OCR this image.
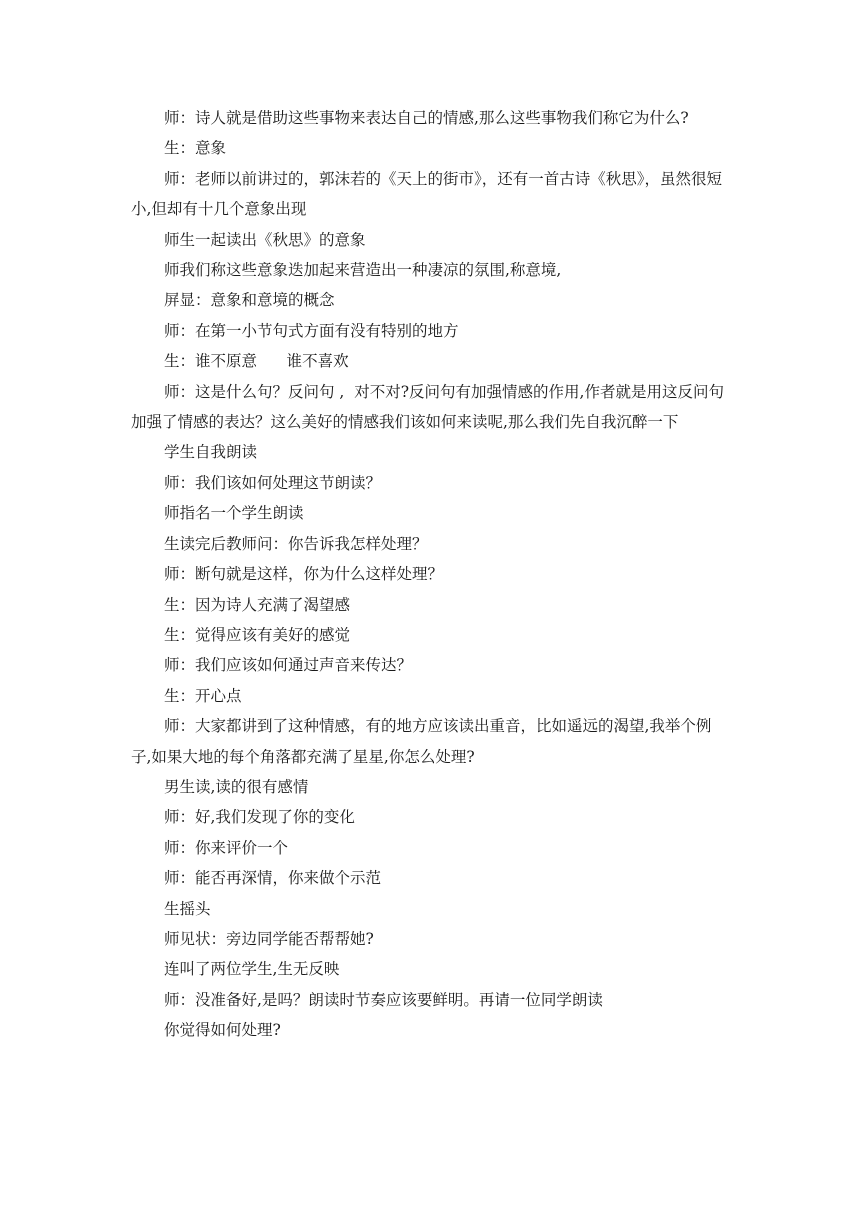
师：诗人就是借助这些事物来表达自己的情感,那么这些事物我们称它为什么?

生：意象

师：老师以前讲过的，郭沫若的《天上的街市》，还有一首古诗《秋思》，虽然很短小,但却有十几个意象出现

师生一起读出《秋思》的意象

师我们称这些意象迭加起来营造出一种凄凉的氛围,称意境,

屏显：意象和意境的概念

师：在第一小节句式方面有没有特别的地方

生：谁不原意      谁不喜欢

师：这是什么句？反问句 ,  对不对?反问句有加强情感的作用,作者就是用这反问句加强了情感的表达？这么美好的情感我们该如何来读呢,那么我们先自我沉醉一下

学生自我朗读

师：我们该如何处理这节朗读？

师指名一个学生朗读

生读完后教师问：你告诉我怎样处理？

师：断句就是这样，你为什么这样处理？

生：因为诗人充满了渴望感

生：觉得应该有美好的感觉

师：我们应该如何通过声音来传达？

生：开心点

师：大家都讲到了这种情感，有的地方应该读出重音，比如遥远的渴望,我举个例子,如果大地的每个角落都充满了星星,你怎么处理?

男生读,读的很有感情

师：好,我们发现了你的变化

师：你来评价一个

师：能否再深情，你来做个示范

生摇头

师见状：旁边同学能否帮帮她?

连叫了两位学生,生无反映

师：没准备好,是吗？朗读时节奏应该要鲜明。再请一位同学朗读

你觉得如何处理?
